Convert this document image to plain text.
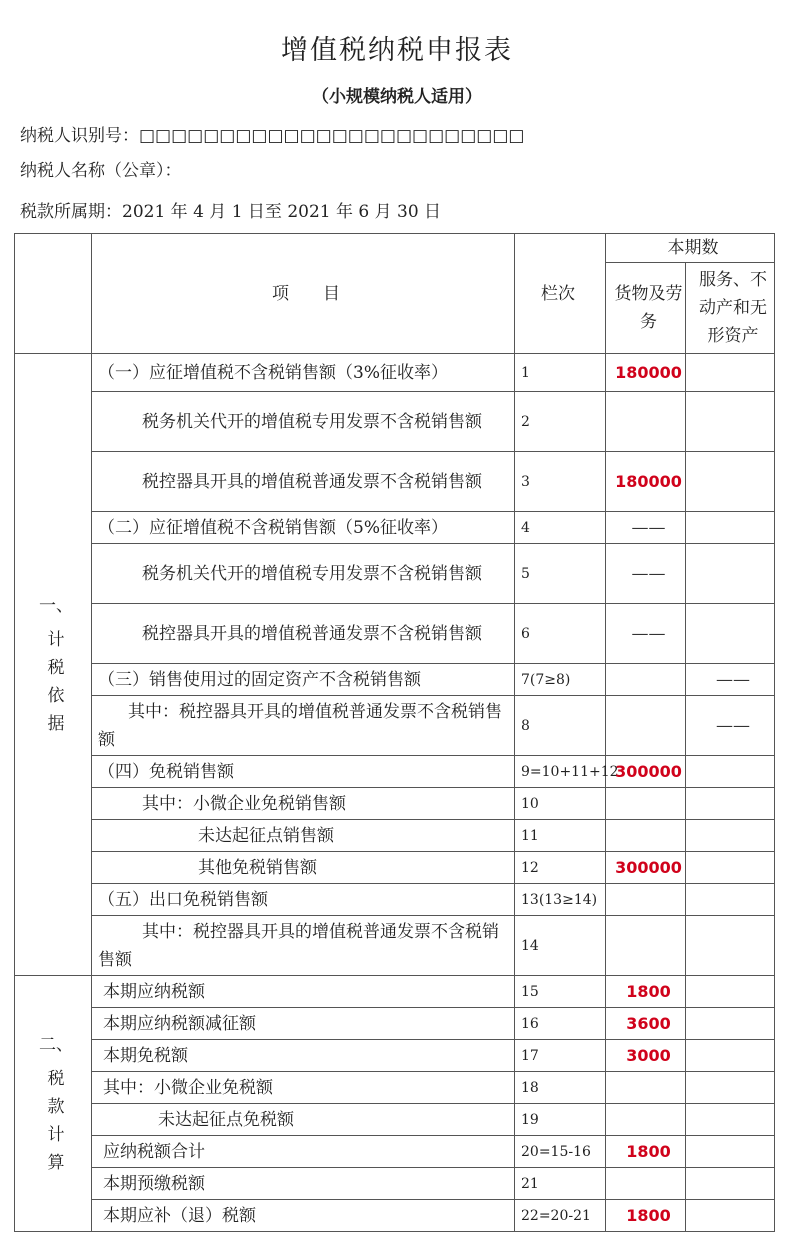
增值税纳税申报表
（小规模纳税人适用）
纳税人识别号：□□□□□□□□□□□□□□□□□□□□□□□□
纳税人名称（公章）：
税款所属期：2021 年 4 月 1 日至 2021 年 6 月 30 日
	项　　目	栏次	本期数	
			货物及劳务	服务、不动产和无形资产

一、
计
税
依
据	（一）应征增值税不含税销售额（3%征收率）	1	180000	
	税务机关代开的增值税专用发票不含税销售额	2		
	税控器具开具的增值税普通发票不含税销售额	3	180000	
	（二）应征增值税不含税销售额（5%征收率）	4	——	
	税务机关代开的增值税专用发票不含税销售额	5	——	
	税控器具开具的增值税普通发票不含税销售额	6	——	
	（三）销售使用过的固定资产不含税销售额	7(7≥8)		——
	其中：税控器具开具的增值税普通发票不含税销售额	8		——
	（四）免税销售额	9=10+11+12	300000	
	其中：小微企业免税销售额	10		
	未达起征点销售额	11		
	其他免税销售额	12	300000	
	（五）出口免税销售额	13(13≥14)		
	其中：税控器具开具的增值税普通发票不含税销售额	14		

二、
税
款
计
算	本期应纳税额	15	1800	
	本期应纳税额减征额	16	3600	
	本期免税额	17	3000	
	其中：小微企业免税额	18		
	未达起征点免税额	19		
	应纳税额合计	20=15-16	1800	
	本期预缴税额	21		
	本期应补（退）税额	22=20-21	1800	
